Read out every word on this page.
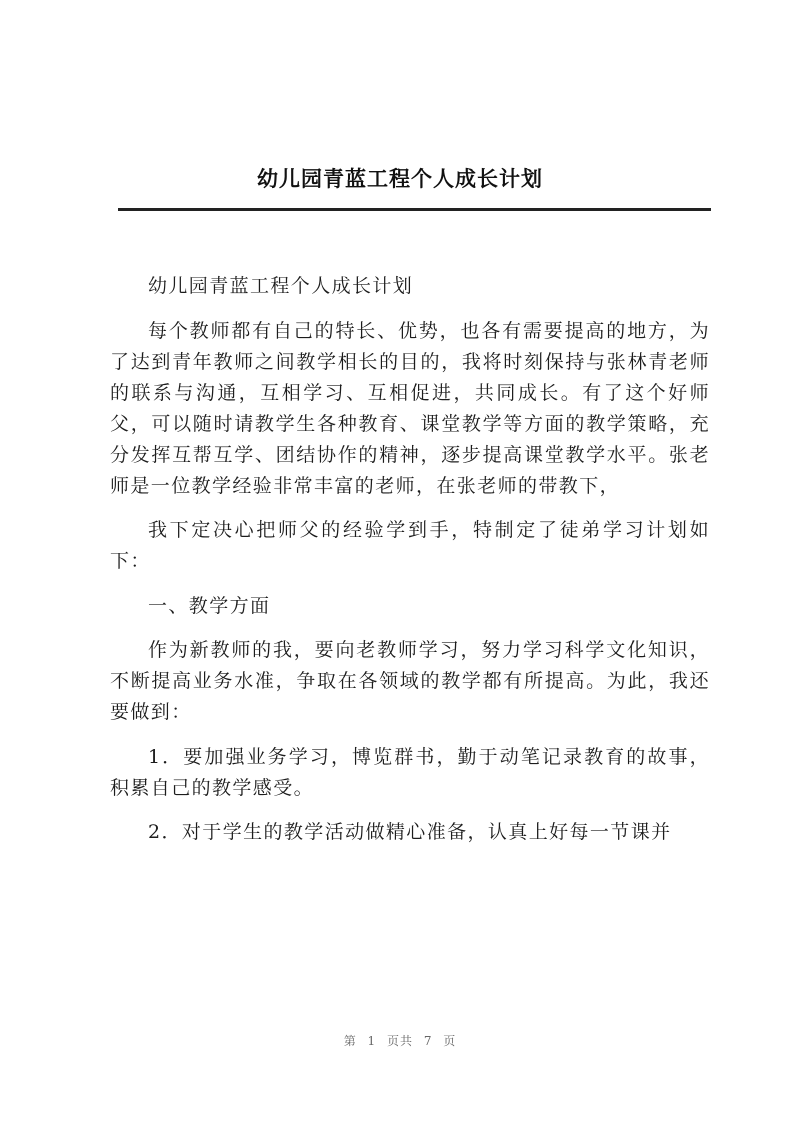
幼儿园青蓝工程个人成长计划

幼儿园青蓝工程个人成长计划

每个教师都有自己的特长、优势，也各有需要提高的地方，为了达到青年教师之间教学相长的目的，我将时刻保持与张林青老师的联系与沟通，互相学习、互相促进，共同成长。有了这个好师父，可以随时请教学生各种教育、课堂教学等方面的教学策略，充分发挥互帮互学、团结协作的精神，逐步提高课堂教学水平。张老师是一位教学经验非常丰富的老师，在张老师的带教下，

我下定决心把师父的经验学到手，特制定了徒弟学习计划如下：

一、教学方面

作为新教师的我，要向老教师学习，努力学习科学文化知识，不断提高业务水准，争取在各领域的教学都有所提高。为此，我还要做到：

1．要加强业务学习，博览群书，勤于动笔记录教育的故事，积累自己的教学感受。

2．对于学生的教学活动做精心准备，认真上好每一节课并

第 1 页共 7 页
